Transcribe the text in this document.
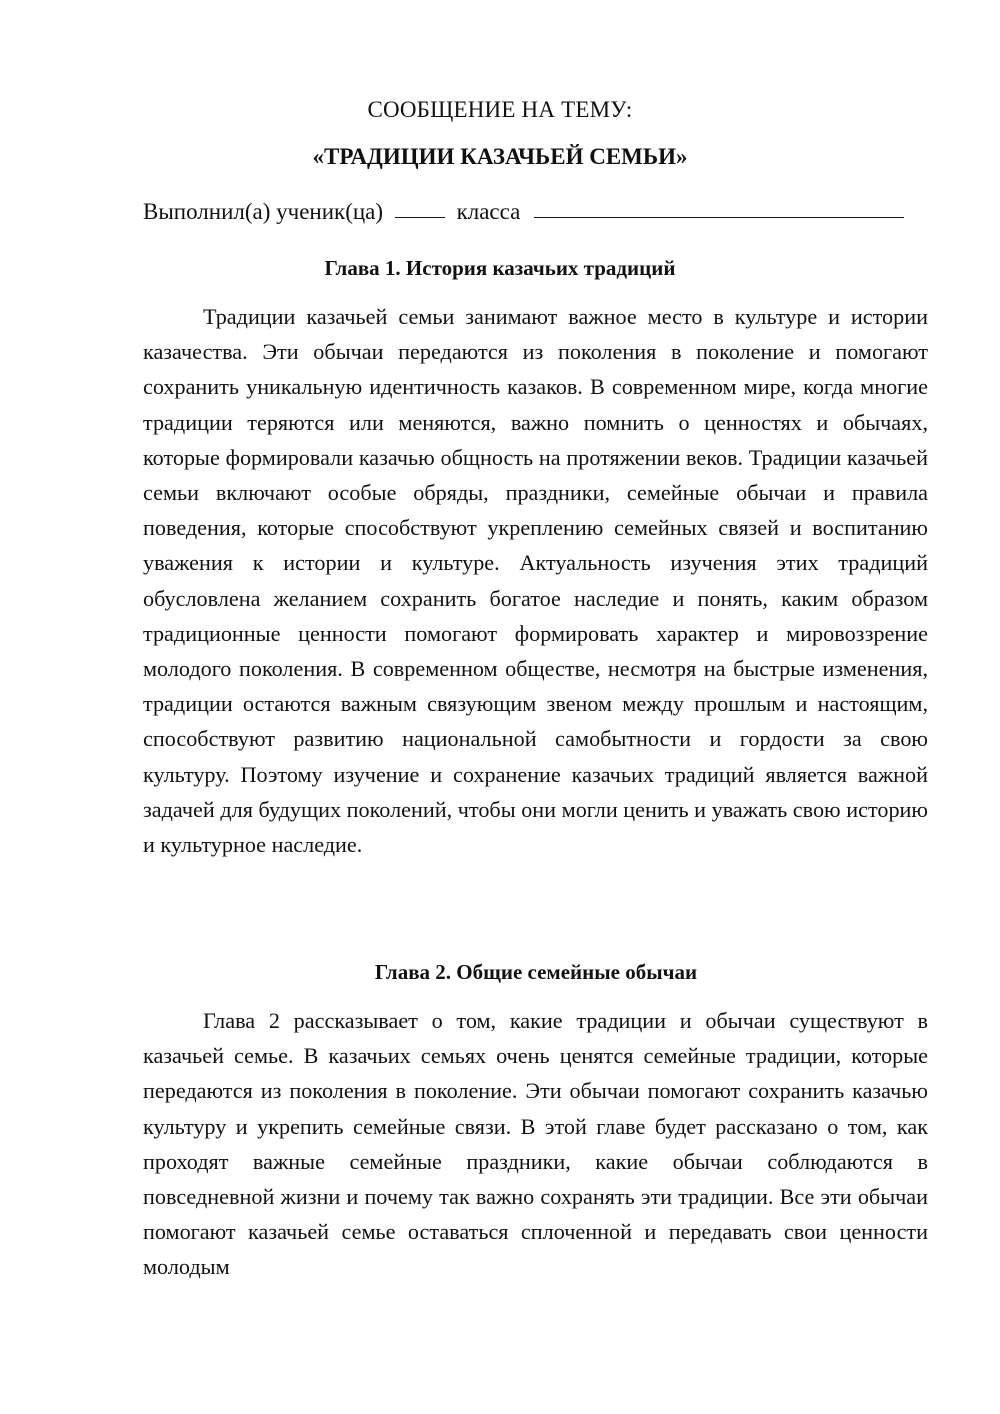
СООБЩЕНИЕ НА ТЕМУ:
«ТРАДИЦИИ КАЗАЧЬЕЙ СЕМЬИ»
Выполнил(а) ученик(ца)	класса
Глава 1. История казачьих традиций

Традиции казачьей семьи занимают важное место в культуре и истории казачества. Эти обычаи передаются из поколения в поколение и помогают сохранить уникальную идентичность казаков. В современном мире, когда многие традиции теряются или меняются, важно помнить о ценностях и обычаях, которые формировали казачью общность на протяжении веков. Традиции казачьей семьи включают особые обряды, праздники, семейные обычаи и правила поведения, которые способствуют укреплению семейных связей и воспитанию уважения к истории и культуре. Актуальность изучения этих традиций обусловлена желанием сохранить богатое наследие и понять, каким образом традиционные ценности помогают формировать характер и мировоззрение молодого поколения. В современном обществе, несмотря на быстрые изменения, традиции остаются важным связующим звеном между прошлым и настоящим, способствуют развитию национальной самобытности и гордости за свою культуру. Поэтому изучение и сохранение казачьих традиций является важной задачей для будущих поколений, чтобы они могли ценить и уважать свою историю и культурное наследие.

Глава 2. Общие семейные обычаи

Глава 2 рассказывает о том, какие традиции и обычаи существуют в казачьей семье. В казачьих семьях очень ценятся семейные традиции, которые передаются из поколения в поколение. Эти обычаи помогают сохранить казачью культуру и укрепить семейные связи. В этой главе будет рассказано о том, как проходят важные семейные праздники, какие обычаи соблюдаются в повседневной жизни и почему так важно сохранять эти традиции. Все эти обычаи помогают казачьей семье оставаться сплоченной и передавать свои ценности молодым
